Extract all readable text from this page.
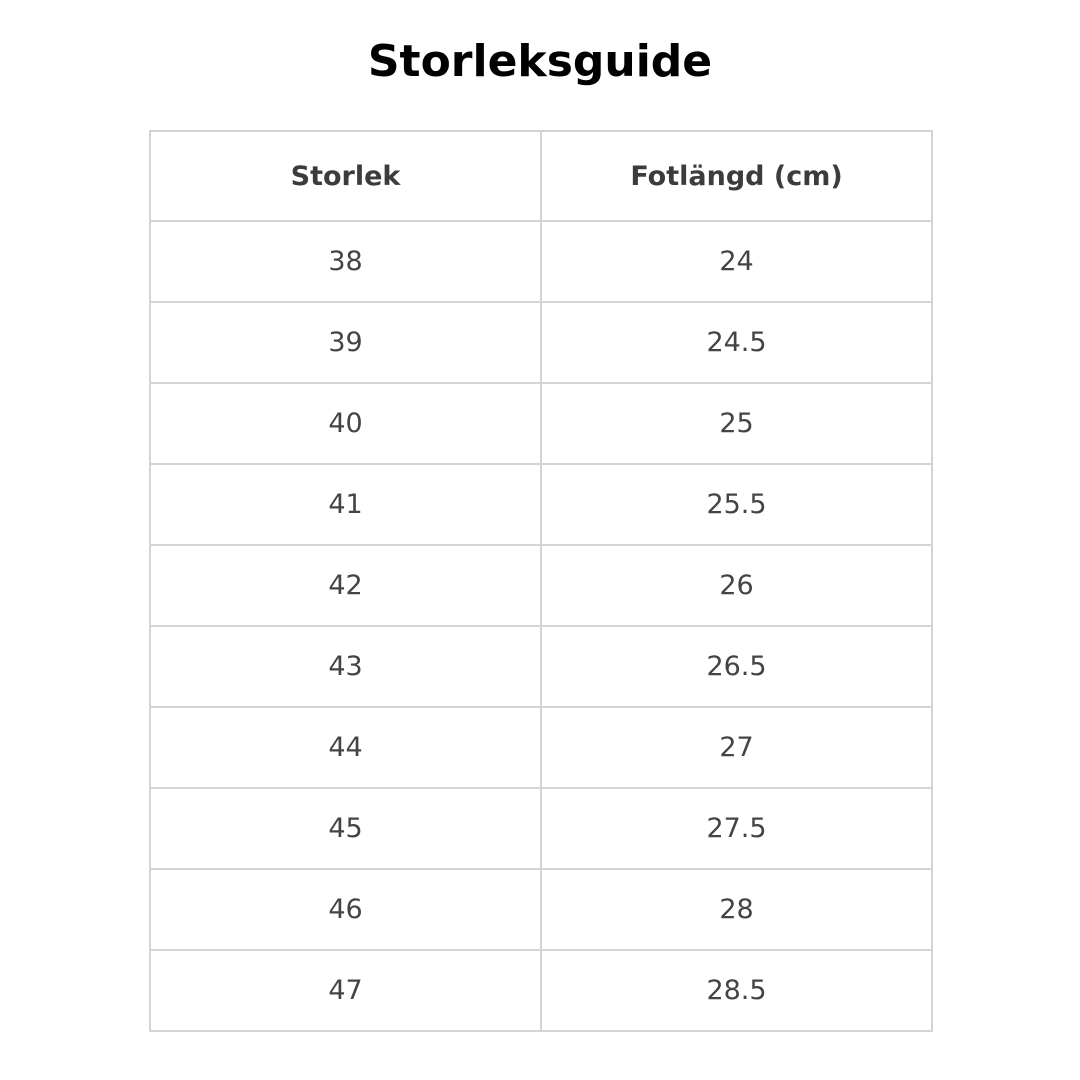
Storleksguide
Storlek	Fotlängd (cm)
38	24
39	24.5
40	25
41	25.5
42	26
43	26.5
44	27
45	27.5
46	28
47	28.5
